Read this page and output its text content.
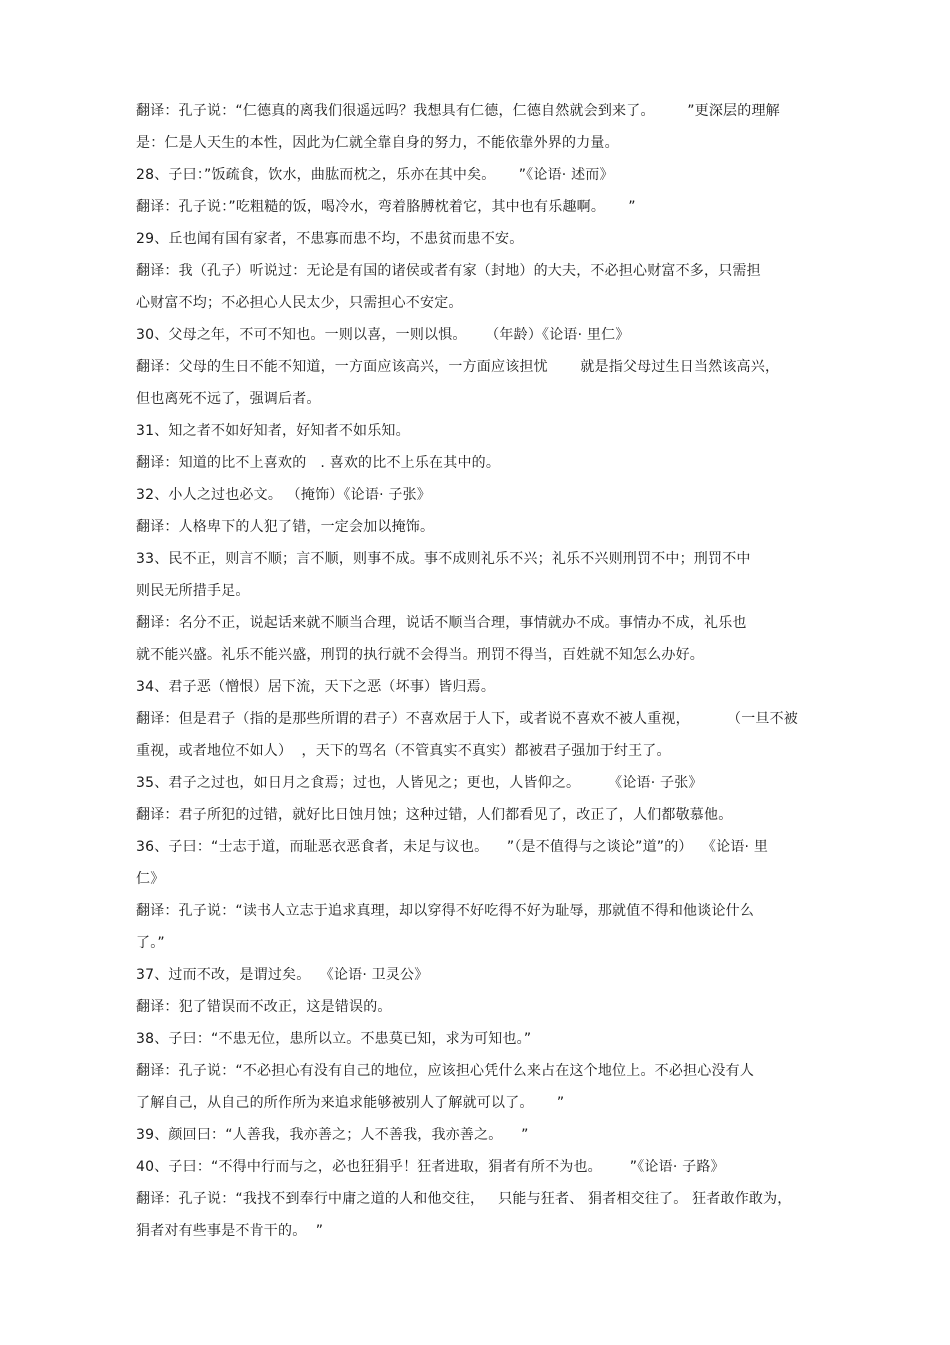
翻译：孔子说：“仁德真的离我们很遥远吗？我想具有仁德，仁德自然就会到来了。       ”更深层的理解
是：仁是人天生的本性，因此为仁就全靠自身的努力，不能依靠外界的力量。
28、子曰：”饭疏食，饮水，曲肱而枕之，乐亦在其中矣。     ”《论语· 述而》
翻译：孔子说：”吃粗糙的饭，喝冷水，弯着胳膊枕着它，其中也有乐趣啊。     ”
29、丘也闻有国有家者，不患寡而患不均，不患贫而患不安。
翻译：我（孔子）听说过：无论是有国的诸侯或者有家（封地）的大夫，不必担心财富不多，只需担
心财富不均；不必担心人民太少，只需担心不安定。
30、父母之年，不可不知也。一则以喜，一则以惧。    （年龄）《论语· 里仁》
翻译：父母的生日不能不知道，一方面应该高兴，一方面应该担忧       就是指父母过生日当然该高兴，
但也离死不远了，强调后者。
31、知之者不如好知者，好知者不如乐知。
翻译：知道的比不上喜欢的   . 喜欢的比不上乐在其中的。
32、小人之过也必文。 （掩饰）《论语· 子张》
翻译：人格卑下的人犯了错，一定会加以掩饰。
33、民不正，则言不顺；言不顺，则事不成。事不成则礼乐不兴；礼乐不兴则刑罚不中；刑罚不中
则民无所措手足。
翻译：名分不正，说起话来就不顺当合理，说话不顺当合理，事情就办不成。事情办不成，礼乐也
就不能兴盛。礼乐不能兴盛，刑罚的执行就不会得当。刑罚不得当，百姓就不知怎么办好。
34、君子恶（憎恨）居下流，天下之恶（坏事）皆归焉。
翻译：但是君子（指的是那些所谓的君子）不喜欢居于人下，或者说不喜欢不被人重视，        （一旦不被
重视，或者地位不如人）  ，天下的骂名（不管真实不真实）都被君子强加于纣王了。
35、君子之过也，如日月之食焉；过也，人皆见之；更也，人皆仰之。      《论语· 子张》
翻译：君子所犯的过错，就好比日蚀月蚀；这种过错，人们都看见了，改正了，人们都敬慕他。
36、子曰：“士志于道，而耻恶衣恶食者，未足与议也。    ”（是不值得与之谈论”道”的）  《论语· 里
仁》
翻译：孔子说：“读书人立志于追求真理，却以穿得不好吃得不好为耻辱，那就值不得和他谈论什么
了。”
37、过而不改，是谓过矣。  《论语· 卫灵公》
翻译：犯了错误而不改正，这是错误的。
38、子曰：“不患无位，患所以立。不患莫已知，求为可知也。”
翻译：孔子说：“不必担心有没有自己的地位，应该担心凭什么来占在这个地位上。不必担心没有人
了解自己，从自己的所作所为来追求能够被别人了解就可以了。     ”
39、颜回曰：“人善我，我亦善之；人不善我，我亦善之。    ”
40、子曰：“不得中行而与之，必也狂狷乎！狂者进取，狷者有所不为也。      ”《论语· 子路》
翻译：孔子说：“我找不到奉行中庸之道的人和他交往，   只能与狂者、 狷者相交往了。 狂者敢作敢为，
狷者对有些事是不肯干的。  ”
